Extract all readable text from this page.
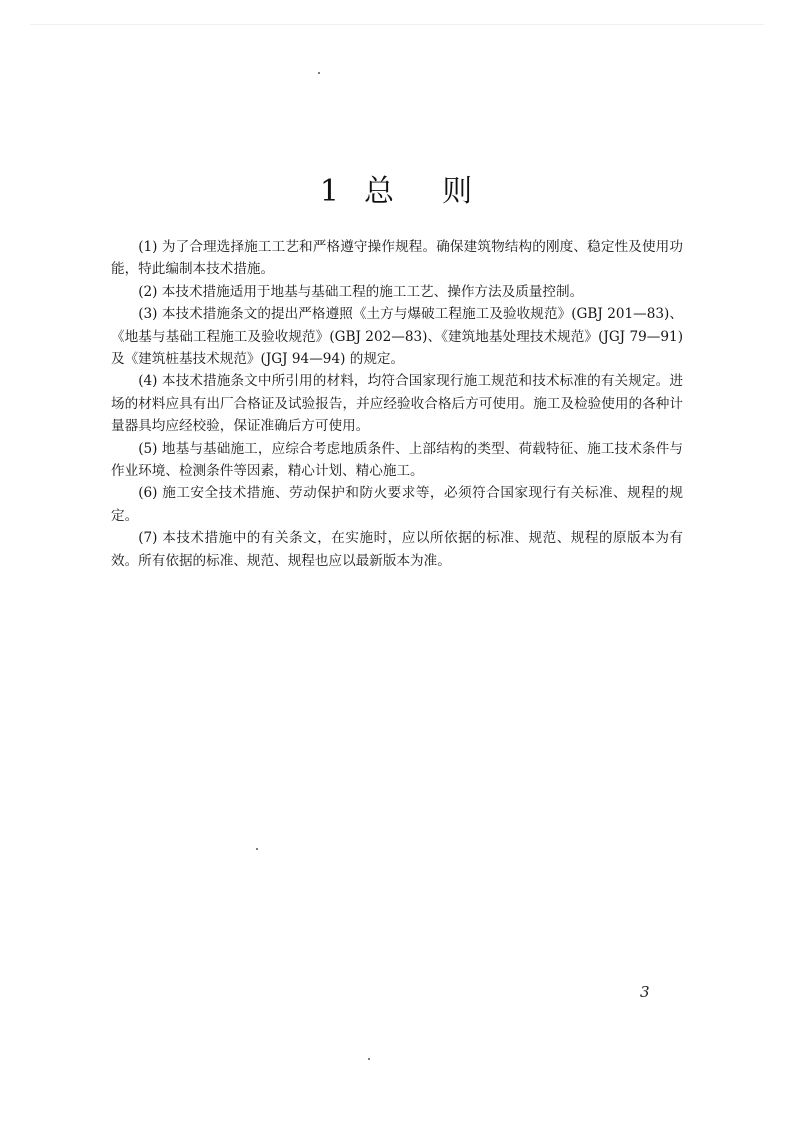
1  总    则

(1) 为了合理选择施工工艺和严格遵守操作规程。确保建筑物结构的刚度、稳定性及使用功能，特此编制本技术措施。

(2) 本技术措施适用于地基与基础工程的施工工艺、操作方法及质量控制。

(3) 本技术措施条文的提出严格遵照《土方与爆破工程施工及验收规范》(GBJ 201—83)、《地基与基础工程施工及验收规范》(GBJ 202—83)、《建筑地基处理技术规范》(JGJ 79—91) 及《建筑桩基技术规范》(JGJ 94—94) 的规定。

(4) 本技术措施条文中所引用的材料，均符合国家现行施工规范和技术标准的有关规定。进场的材料应具有出厂合格证及试验报告，并应经验收合格后方可使用。施工及检验使用的各种计量器具均应经校验，保证准确后方可使用。

(5) 地基与基础施工，应综合考虑地质条件、上部结构的类型、荷载特征、施工技术条件与作业环境、检测条件等因素，精心计划、精心施工。

(6) 施工安全技术措施、劳动保护和防火要求等，必须符合国家现行有关标准、规程的规定。

(7) 本技术措施中的有关条文，在实施时，应以所依据的标准、规范、规程的原版本为有效。所有依据的标准、规范、规程也应以最新版本为准。

3
